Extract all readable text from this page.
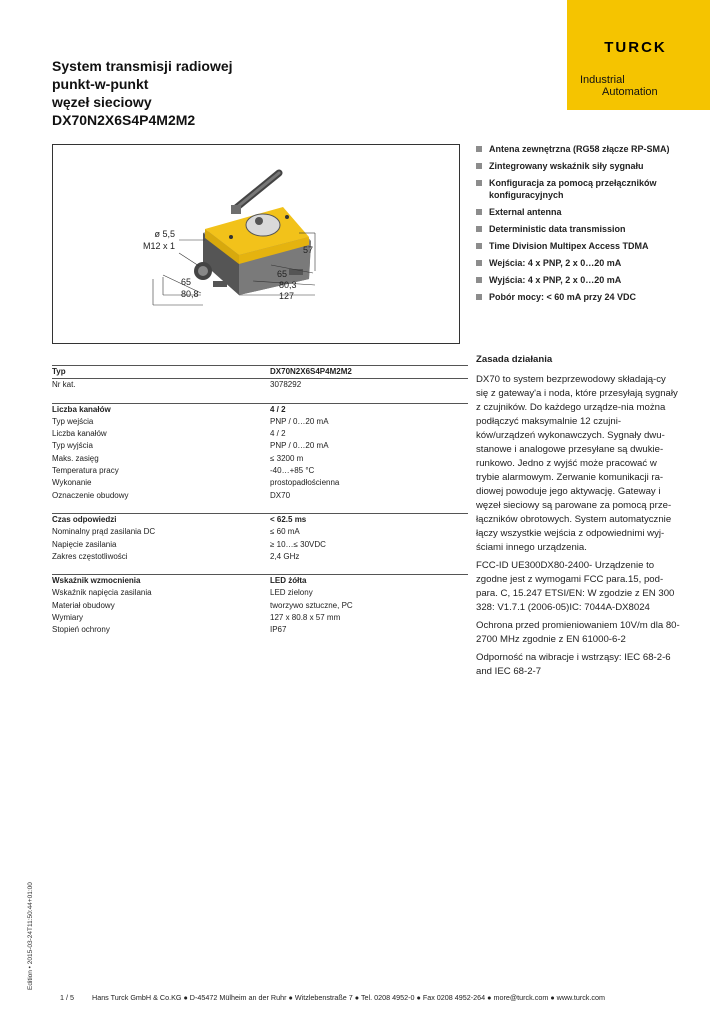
System transmisji radiowej
punkt-w-punkt
węzeł sieciowy
DX70N2X6S4P4M2M2
TURCK
Industrial
Automation
ø 5,5
M12 x 1	57
65
80,8
65
80,3
127
Antena zewnętrzna (RG58 złącze RP-SMA)
Zintegrowany wskaźnik siły sygnału
Konfiguracja za pomocą przełączników konfiguracyjnych
External antenna
Deterministic data transmission
Time Division Multipex Access TDMA
Wejścia: 4 x PNP, 2 x 0…20 mA
Wyjścia: 4 x PNP, 2 x 0…20 mA
Pobór mocy: < 60 mA przy 24 VDC
Typ	DX70N2X6S4P4M2M2
Nr kat.	3078292
Liczba kanałów	4 / 2
Typ wejścia	PNP / 0…20 mA
Liczba kanałów	4 / 2
Typ wyjścia	PNP / 0…20 mA
Maks. zasięg	≤ 3200 m
Temperatura pracy	-40…+85 °C
Wykonanie	prostopadłościenna
Oznaczenie obudowy	DX70
Czas odpowiedzi	< 62.5 ms
Nominalny prąd zasilania DC	≤ 60 mA
Napięcie zasilania	≥ 10…≤ 30VDC
Zakres częstotliwości	2,4 GHz
Wskaźnik wzmocnienia	LED żółta
Wskaźnik napięcia zasilania	LED zielony
Materiał obudowy	tworzywo sztuczne, PC
Wymiary	127 x 80.8 x 57 mm
Stopień ochrony	IP67
Zasada działania

DX70 to system bezprzewodowy składają-cy się z gateway'a i noda, które przesyłają sygnały z czujników. Do każdego urządze-nia można podłączyć maksymalnie 12 czujni-ków/urządzeń wykonawczych. Sygnały dwu-stanowe i analogowe przesyłane są dwukie-runkowo. Jedno z wyjść może pracować w trybie alarmowym. Zerwanie komunikacji ra-diowej powoduje jego aktywację. Gateway i węzeł sieciowy są parowane za pomocą prze-łączników obrotowych. System automatycznie łączy wszystkie wejścia z odpowiednimi wyj-ściami innego urządzenia.

FCC-ID UE300DX80-2400- Urządzenie to zgodne jest z wymogami FCC para.15, pod-para. C, 15.247 ETSI/EN: W zgodzie z EN 300 328: V1.7.1 (2006-05)IC: 7044A-DX8024

Ochrona przed promieniowaniem 10V/m dla 80-2700 MHz zgodnie z EN 61000-6-2

Odporność na wibracje i wstrząsy: IEC 68-2-6 and IEC 68-2-7

Edition • 2015-03-24T11:50:44+01:00
1 / 5	Hans Turck GmbH & Co.KG ● D-45472 Mülheim an der Ruhr ● Witzlebenstraße 7 ● Tel. 0208 4952-0 ● Fax 0208 4952-264 ● more@turck.com ● www.turck.com
